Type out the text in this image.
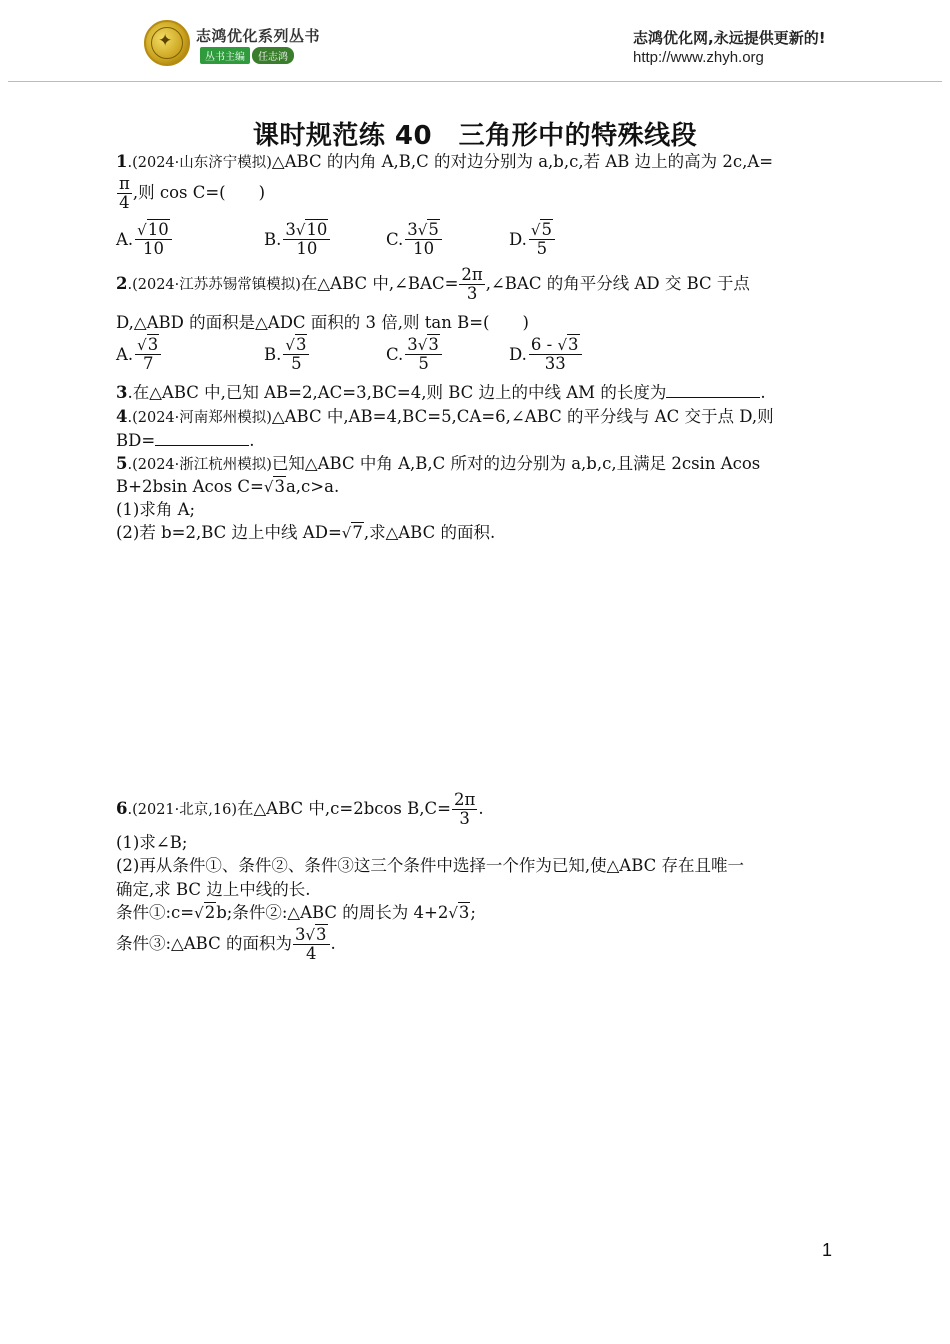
✦ 志鸿优化系列丛书
丛书主编 任志鸿
志鸿优化网,永远提供更新的!
http://www.zhyh.org
课时规范练 40　三角形中的特殊线段
1.(2024·山东济宁模拟)△ABC 的内角 A,B,C 的对边分别为 a,b,c,若 AB 边上的高为 2c,A=
$\frac{\pi}{4}$ ,则 cos C=(　　)
A. $\frac{√10}{10}$	B. $\frac{3√10}{10}$	C. $\frac{3√5}{10}$	D. $\frac{√5}{5}$
2.(2024·江苏苏锡常镇模拟)在△ABC 中,∠BAC= $\frac{2\pi}{3}$ ,∠BAC 的角平分线 AD 交 BC 于点
D,△ABD 的面积是△ADC 面积的 3 倍,则 tan B=(　　)
A. $\frac{√3}{7}$	B. $\frac{√3}{5}$	C. $\frac{3√3}{5}$	D. $\frac{6 - √3}{33}$
3.在△ABC 中,已知 AB=2,AC=3,BC=4,则 BC 边上的中线 AM 的长度为	.
4.(2024·河南郑州模拟)△ABC 中,AB=4,BC=5,CA=6,∠ABC 的平分线与 AC 交于点 D,则
BD=	.
5.(2024·浙江杭州模拟)已知△ABC 中角 A,B,C 所对的边分别为 a,b,c,且满足 2csin Acos
B+2bsin Acos C=√3a,c>a.
(1)求角 A;
(2)若 b=2,BC 边上中线 AD=√7,求△ABC 的面积.
6.(2021·北京,16)在△ABC 中,c=2bcos $B,C= \frac{2\pi}{3}$ .
(1)求∠B;
(2)再从条件①、条件②、条件③这三个条件中选择一个作为已知,使△ABC 存在且唯一
确定,求 BC 边上中线的长.
条件①:c=√2b;条件②:△ABC 的周长为 4+2√3;
条件③:△ABC 的面积为 $\frac{3√3}{4}$ .
1
